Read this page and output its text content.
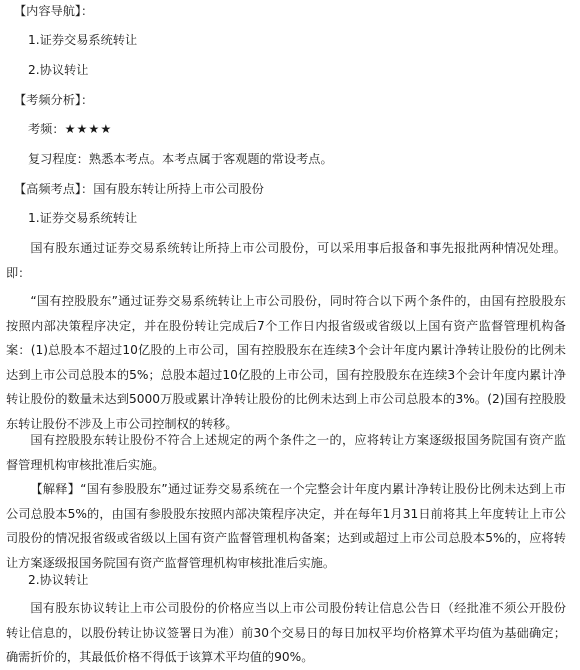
【内容导航】：
1.证券交易系统转让
2.协议转让
【考频分析】：
考频：★★★★
复习程度：熟悉本考点。本考点属于客观题的常设考点。
【高频考点】：国有股东转让所持上市公司股份
1.证券交易系统转让
国有股东通过证券交易系统转让所持上市公司股份，可以采用事后报备和事先报批两种情况处理。即：
“国有控股股东”通过证券交易系统转让上市公司股份，同时符合以下两个条件的，由国有控股股东按照内部决策程序决定，并在股份转让完成后7个工作日内报省级或省级以上国有资产监督管理机构备案：(1)总股本不超过10亿股的上市公司，国有控股股东在连续3个会计年度内累计净转让股份的比例未达到上市公司总股本的5%；总股本超过10亿股的上市公司，国有控股股东在连续3个会计年度内累计净转让股份的数量未达到5000万股或累计净转让股份的比例未达到上市公司总股本的3%。(2)国有控股股东转让股份不涉及上市公司控制权的转移。
国有控股股东转让股份不符合上述规定的两个条件之一的，应将转让方案逐级报国务院国有资产监督管理机构审核批准后实施。
【解释】“国有参股股东”通过证券交易系统在一个完整会计年度内累计净转让股份比例未达到上市公司总股本5%的，由国有参股股东按照内部决策程序决定，并在每年1月31日前将其上年度转让上市公司股份的情况报省级或省级以上国有资产监督管理机构备案；达到或超过上市公司总股本5%的，应将转让方案逐级报国务院国有资产监督管理机构审核批准后实施。
2.协议转让
国有股东协议转让上市公司股份的价格应当以上市公司股份转让信息公告日（经批准不须公开股份转让信息的，以股份转让协议签署日为准）前30个交易日的每日加权平均价格算术平均值为基础确定；确需折价的，其最低价格不得低于该算术平均值的90%。
